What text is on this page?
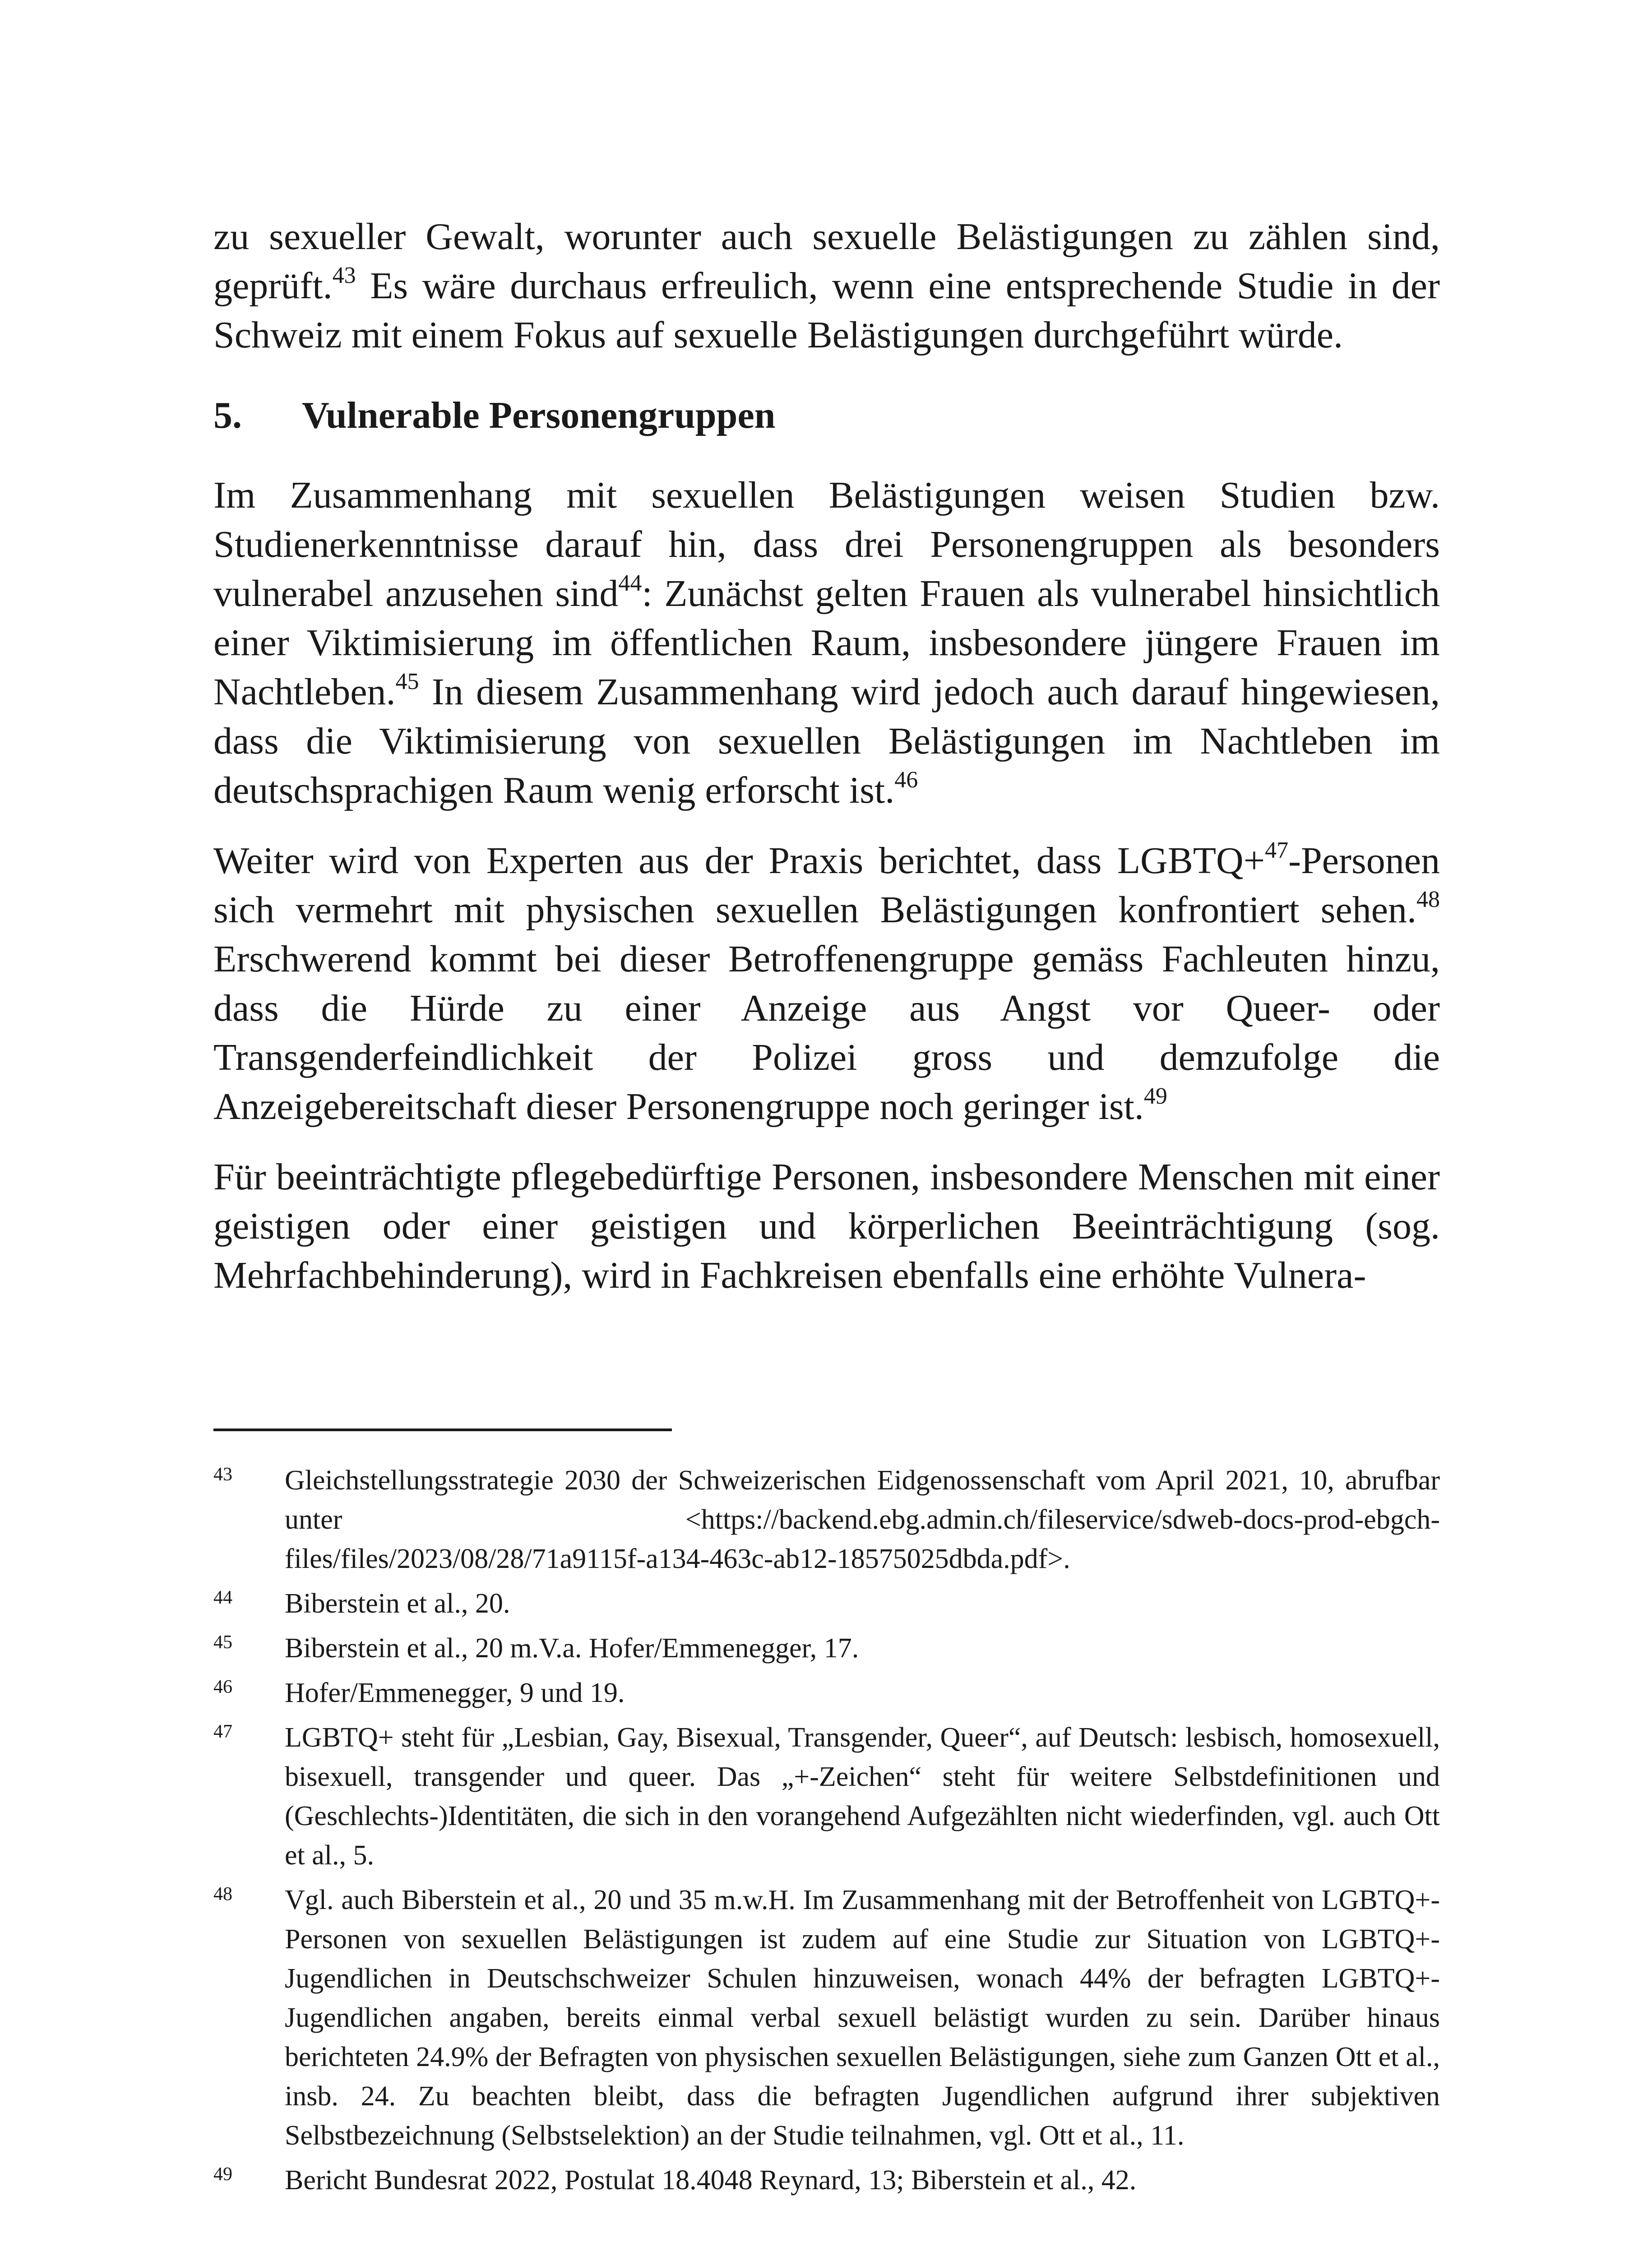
zu sexueller Gewalt, worunter auch sexuelle Belästigungen zu zählen sind, geprüft.$^{43}$ Es wäre durchaus erfreulich, wenn eine entsprechende Studie in der Schweiz mit einem Fokus auf sexuelle Belästigungen durchgeführt würde.

5.	Vulnerable Personengruppen

Im Zusammenhang mit sexuellen Belästigungen weisen Studien bzw. Studienerkenntnisse darauf hin, dass drei Personengruppen als besonders vulnerabel anzusehen sind$^{44}$: Zunächst gelten Frauen als vulnerabel hinsichtlich einer Viktimisierung im öffentlichen Raum, insbesondere jüngere Frauen im Nachtleben.$^{45}$ In diesem Zusammenhang wird jedoch auch darauf hingewiesen, dass die Viktimisierung von sexuellen Belästigungen im Nachtleben im deutschsprachigen Raum wenig erforscht ist.$^{46}$

Weiter wird von Experten aus der Praxis berichtet, dass LGBTQ+$^{47}$-Personen sich vermehrt mit physischen sexuellen Belästigungen konfrontiert sehen.$^{48}$ Erschwerend kommt bei dieser Betroffenengruppe gemäss Fachleuten hinzu, dass die Hürde zu einer Anzeige aus Angst vor Queer- oder Transgenderfeindlichkeit der Polizei gross und demzufolge die Anzeigebereitschaft dieser Personengruppe noch geringer ist.$^{49}$

Für beeinträchtigte pflegebedürftige Personen, insbesondere Menschen mit einer geistigen oder einer geistigen und körperlichen Beeinträchtigung (sog. Mehrfachbehinderung), wird in Fachkreisen ebenfalls eine erhöhte Vulnera-

43	Gleichstellungsstrategie 2030 der Schweizerischen Eidgenossenschaft vom April 2021, 10, abrufbar unter <https://backend.ebg.admin.ch/fileservice/sdweb-docs-prod-ebgch-files/files/2023/08/28/71a9115f-a134-463c-ab12-18575025dbda.pdf>.
44	Biberstein et al., 20.
45	Biberstein et al., 20 m.V.a. Hofer/Emmenegger, 17.
46	Hofer/Emmenegger, 9 und 19.
47	LGBTQ+ steht für „Lesbian, Gay, Bisexual, Transgender, Queer“, auf Deutsch: lesbisch, homosexuell, bisexuell, transgender und queer. Das „+-Zeichen“ steht für weitere Selbstdefinitionen und (Geschlechts-)Identitäten, die sich in den vorangehend Aufgezählten nicht wiederfinden, vgl. auch Ott et al., 5.
48	Vgl. auch Biberstein et al., 20 und 35 m.w.H. Im Zusammenhang mit der Betroffenheit von LGBTQ+-Personen von sexuellen Belästigungen ist zudem auf eine Studie zur Situation von LGBTQ+-Jugendlichen in Deutschschweizer Schulen hinzuweisen, wonach 44% der befragten LGBTQ+-Jugendlichen angaben, bereits einmal verbal sexuell belästigt wurden zu sein. Darüber hinaus berichteten 24.9% der Befragten von physischen sexuellen Belästigungen, siehe zum Ganzen Ott et al., insb. 24. Zu beachten bleibt, dass die befragten Jugendlichen aufgrund ihrer subjektiven Selbstbezeichnung (Selbstselektion) an der Studie teilnahmen, vgl. Ott et al., 11.
49	Bericht Bundesrat 2022, Postulat 18.4048 Reynard, 13; Biberstein et al., 42.
